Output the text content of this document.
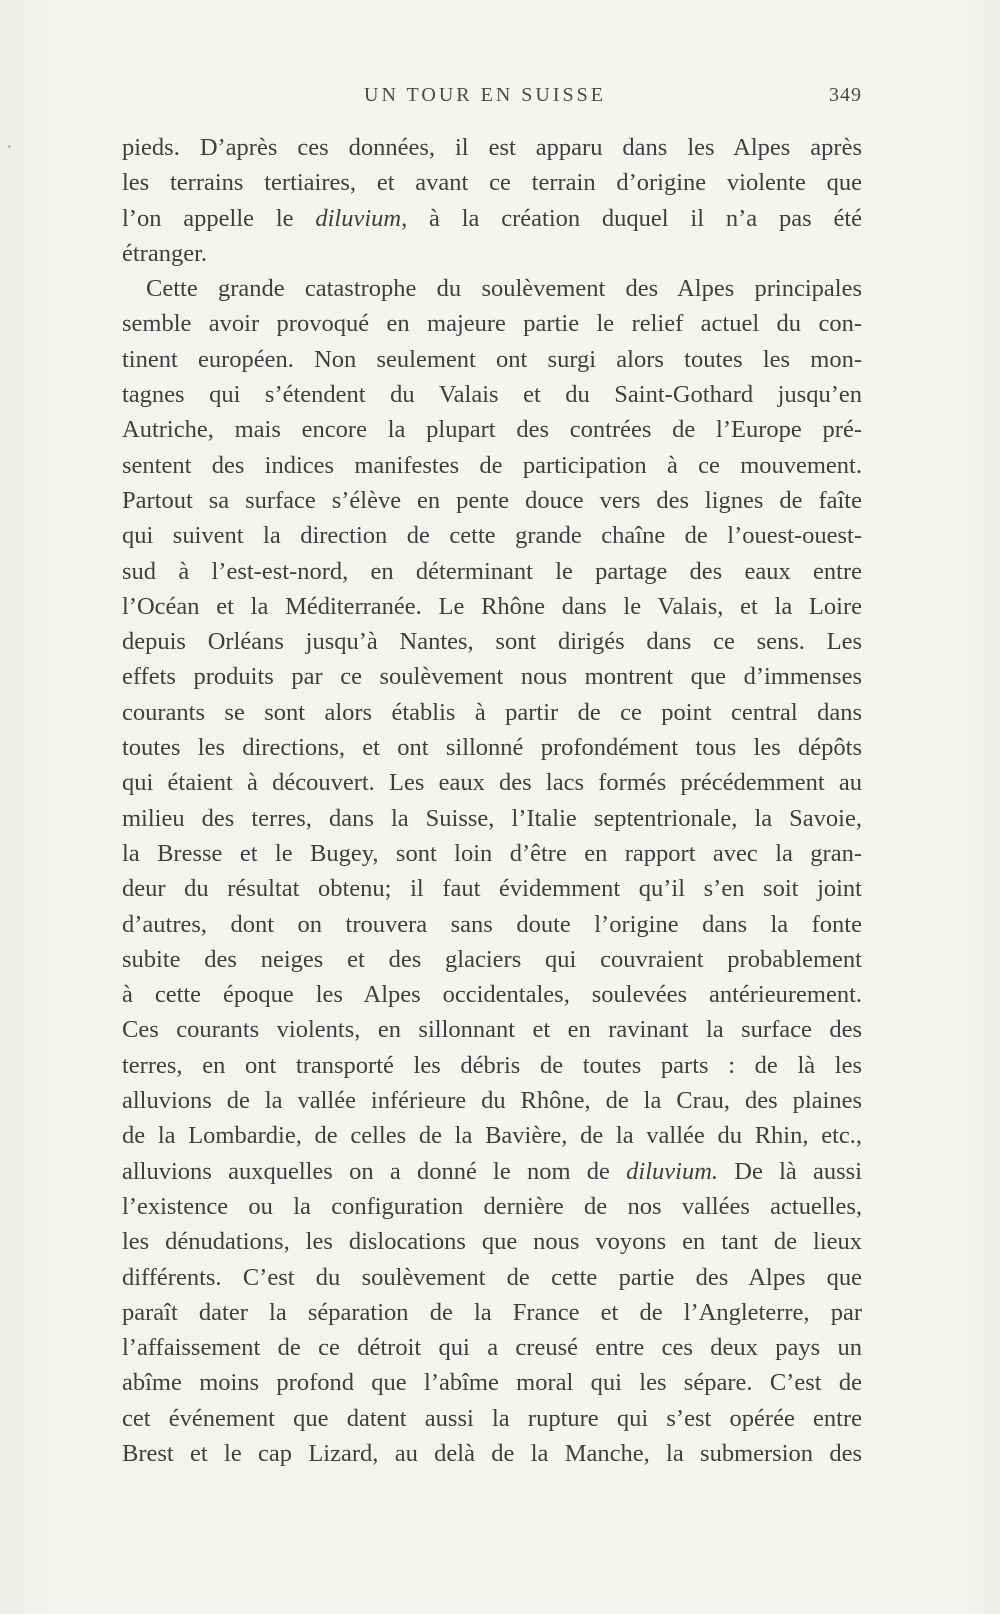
UN TOUR EN SUISSE	349
pieds. D’après ces données, il est apparu dans les Alpes après
les terrains tertiaires, et avant ce terrain d’origine violente que
l’on appelle le diluvium, à la création duquel il n’a pas été
étranger.
Cette grande catastrophe du soulèvement des Alpes principales
semble avoir provoqué en majeure partie le relief actuel du con-
tinent européen. Non seulement ont surgi alors toutes les mon-
tagnes qui s’étendent du Valais et du Saint-Gothard jusqu’en
Autriche, mais encore la plupart des contrées de l’Europe pré-
sentent des indices manifestes de participation à ce mouvement.
Partout sa surface s’élève en pente douce vers des lignes de faîte
qui suivent la direction de cette grande chaîne de l’ouest-ouest-
sud à l’est-est-nord, en déterminant le partage des eaux entre
l’Océan et la Méditerranée. Le Rhône dans le Valais, et la Loire
depuis Orléans jusqu’à Nantes, sont dirigés dans ce sens. Les
effets produits par ce soulèvement nous montrent que d’immenses
courants se sont alors établis à partir de ce point central dans
toutes les directions, et ont sillonné profondément tous les dépôts
qui étaient à découvert. Les eaux des lacs formés précédemment au
milieu des terres, dans la Suisse, l’Italie septentrionale, la Savoie,
la Bresse et le Bugey, sont loin d’être en rapport avec la gran-
deur du résultat obtenu; il faut évidemment qu’il s’en soit joint
d’autres, dont on trouvera sans doute l’origine dans la fonte
subite des neiges et des glaciers qui couvraient probablement
à cette époque les Alpes occidentales, soulevées antérieurement.
Ces courants violents, en sillonnant et en ravinant la surface des
terres, en ont transporté les débris de toutes parts : de là les
alluvions de la vallée inférieure du Rhône, de la Crau, des plaines
de la Lombardie, de celles de la Bavière, de la vallée du Rhin, etc.,
alluvions auxquelles on a donné le nom de diluvium. De là aussi
l’existence ou la configuration dernière de nos vallées actuelles,
les dénudations, les dislocations que nous voyons en tant de lieux
différents. C’est du soulèvement de cette partie des Alpes que
paraît dater la séparation de la France et de l’Angleterre, par
l’affaissement de ce détroit qui a creusé entre ces deux pays un
abîme moins profond que l’abîme moral qui les sépare. C’est de
cet événement que datent aussi la rupture qui s’est opérée entre
Brest et le cap Lizard, au delà de la Manche, la submersion des
